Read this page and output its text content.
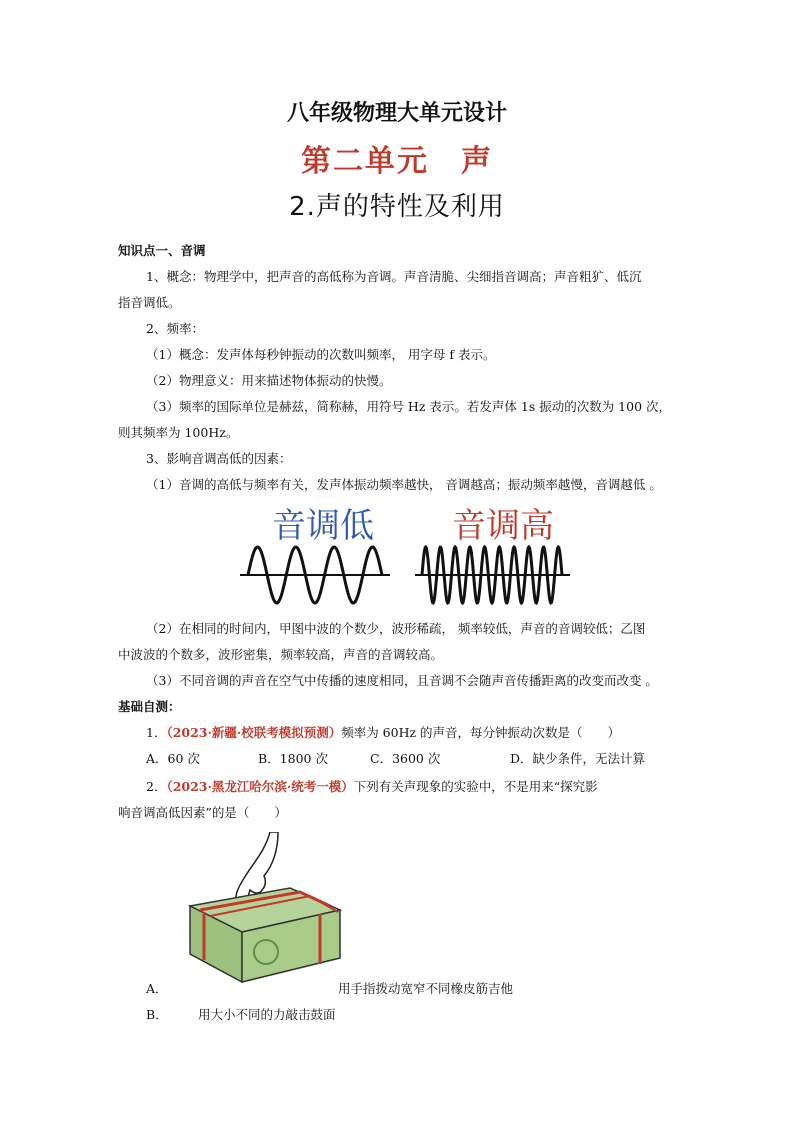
八年级物理大单元设计
第二单元　声
2.声的特性及利用
知识点一、音调
1、概念：物理学中，把声音的高低称为音调。声音清脆、尖细指音调高；声音粗犷、低沉
指音调低。
2、频率：
（1）概念：发声体每秒钟振动的次数叫频率， 用字母 f 表示。
（2）物理意义：用来描述物体振动的快慢。
（3）频率的国际单位是赫兹，简称赫，用符号 Hz 表示。若发声体 1s 振动的次数为 100 次，
则其频率为 100Hz。
3、影响音调高低的因素：
（1）音调的高低与频率有关，发声体振动频率越快， 音调越高；振动频率越慢，音调越低 。
音调低 音调高
（2）在相同的时间内，甲图中波的个数少，波形稀疏， 频率较低，声音的音调较低；乙图
中波波的个数多，波形密集，频率较高，声音的音调较高。
（3）不同音调的声音在空气中传播的速度相同，且音调不会随声音传播距离的改变而改变 。
基础自测：
1．（2023·新疆·校联考模拟预测）频率为 60Hz 的声音，每分钟振动次数是（　　）
A．60 次	B．1800 次	C．3600 次	D．缺少条件，无法计算
2．（2023·黑龙江哈尔滨·统考一模）下列有关声现象的实验中，不是用来“探究影
响音调高低因素”的是（　　）
A．	用手指拨动宽窄不同橡皮筋吉他
B． 用大小不同的力敲击鼓面
